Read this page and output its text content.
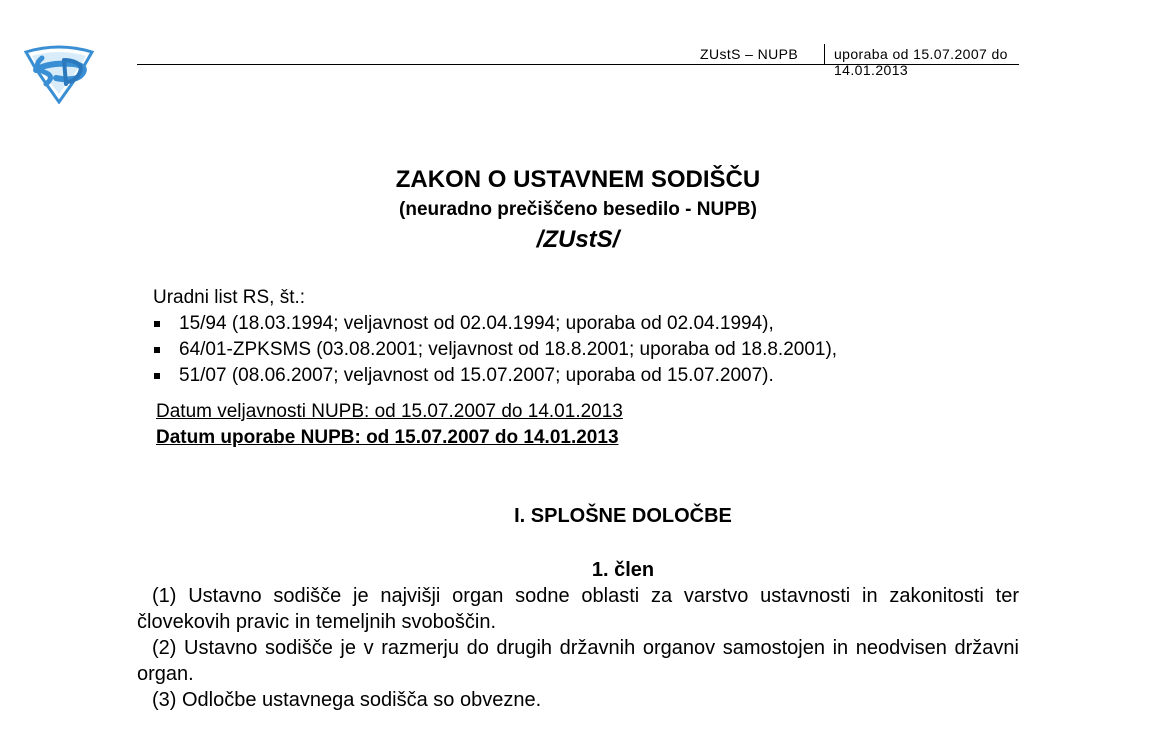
ZUstS – NUPB	uporaba od 15.07.2007 do 14.01.2013
ZAKON O USTAVNEM SODIŠČU
(neuradno prečiščeno besedilo - NUPB)
/ZUstS/
Uradni list RS, št.:
15/94 (18.03.1994; veljavnost od 02.04.1994; uporaba od 02.04.1994),
64/01-ZPKSMS (03.08.2001; veljavnost od 18.8.2001; uporaba od 18.8.2001),
51/07 (08.06.2007; veljavnost od 15.07.2007; uporaba od 15.07.2007).
Datum veljavnosti NUPB: od 15.07.2007 do 14.01.2013
Datum uporabe NUPB: od 15.07.2007 do 14.01.2013
I. SPLOŠNE DOLOČBE
1. člen

(1) Ustavno sodišče je najvišji organ sodne oblasti za varstvo ustavnosti in zakonitosti ter človekovih pravic in temeljnih svoboščin.

(2) Ustavno sodišče je v razmerju do drugih državnih organov samostojen in neodvisen državni organ.

(3) Odločbe ustavnega sodišča so obvezne.
